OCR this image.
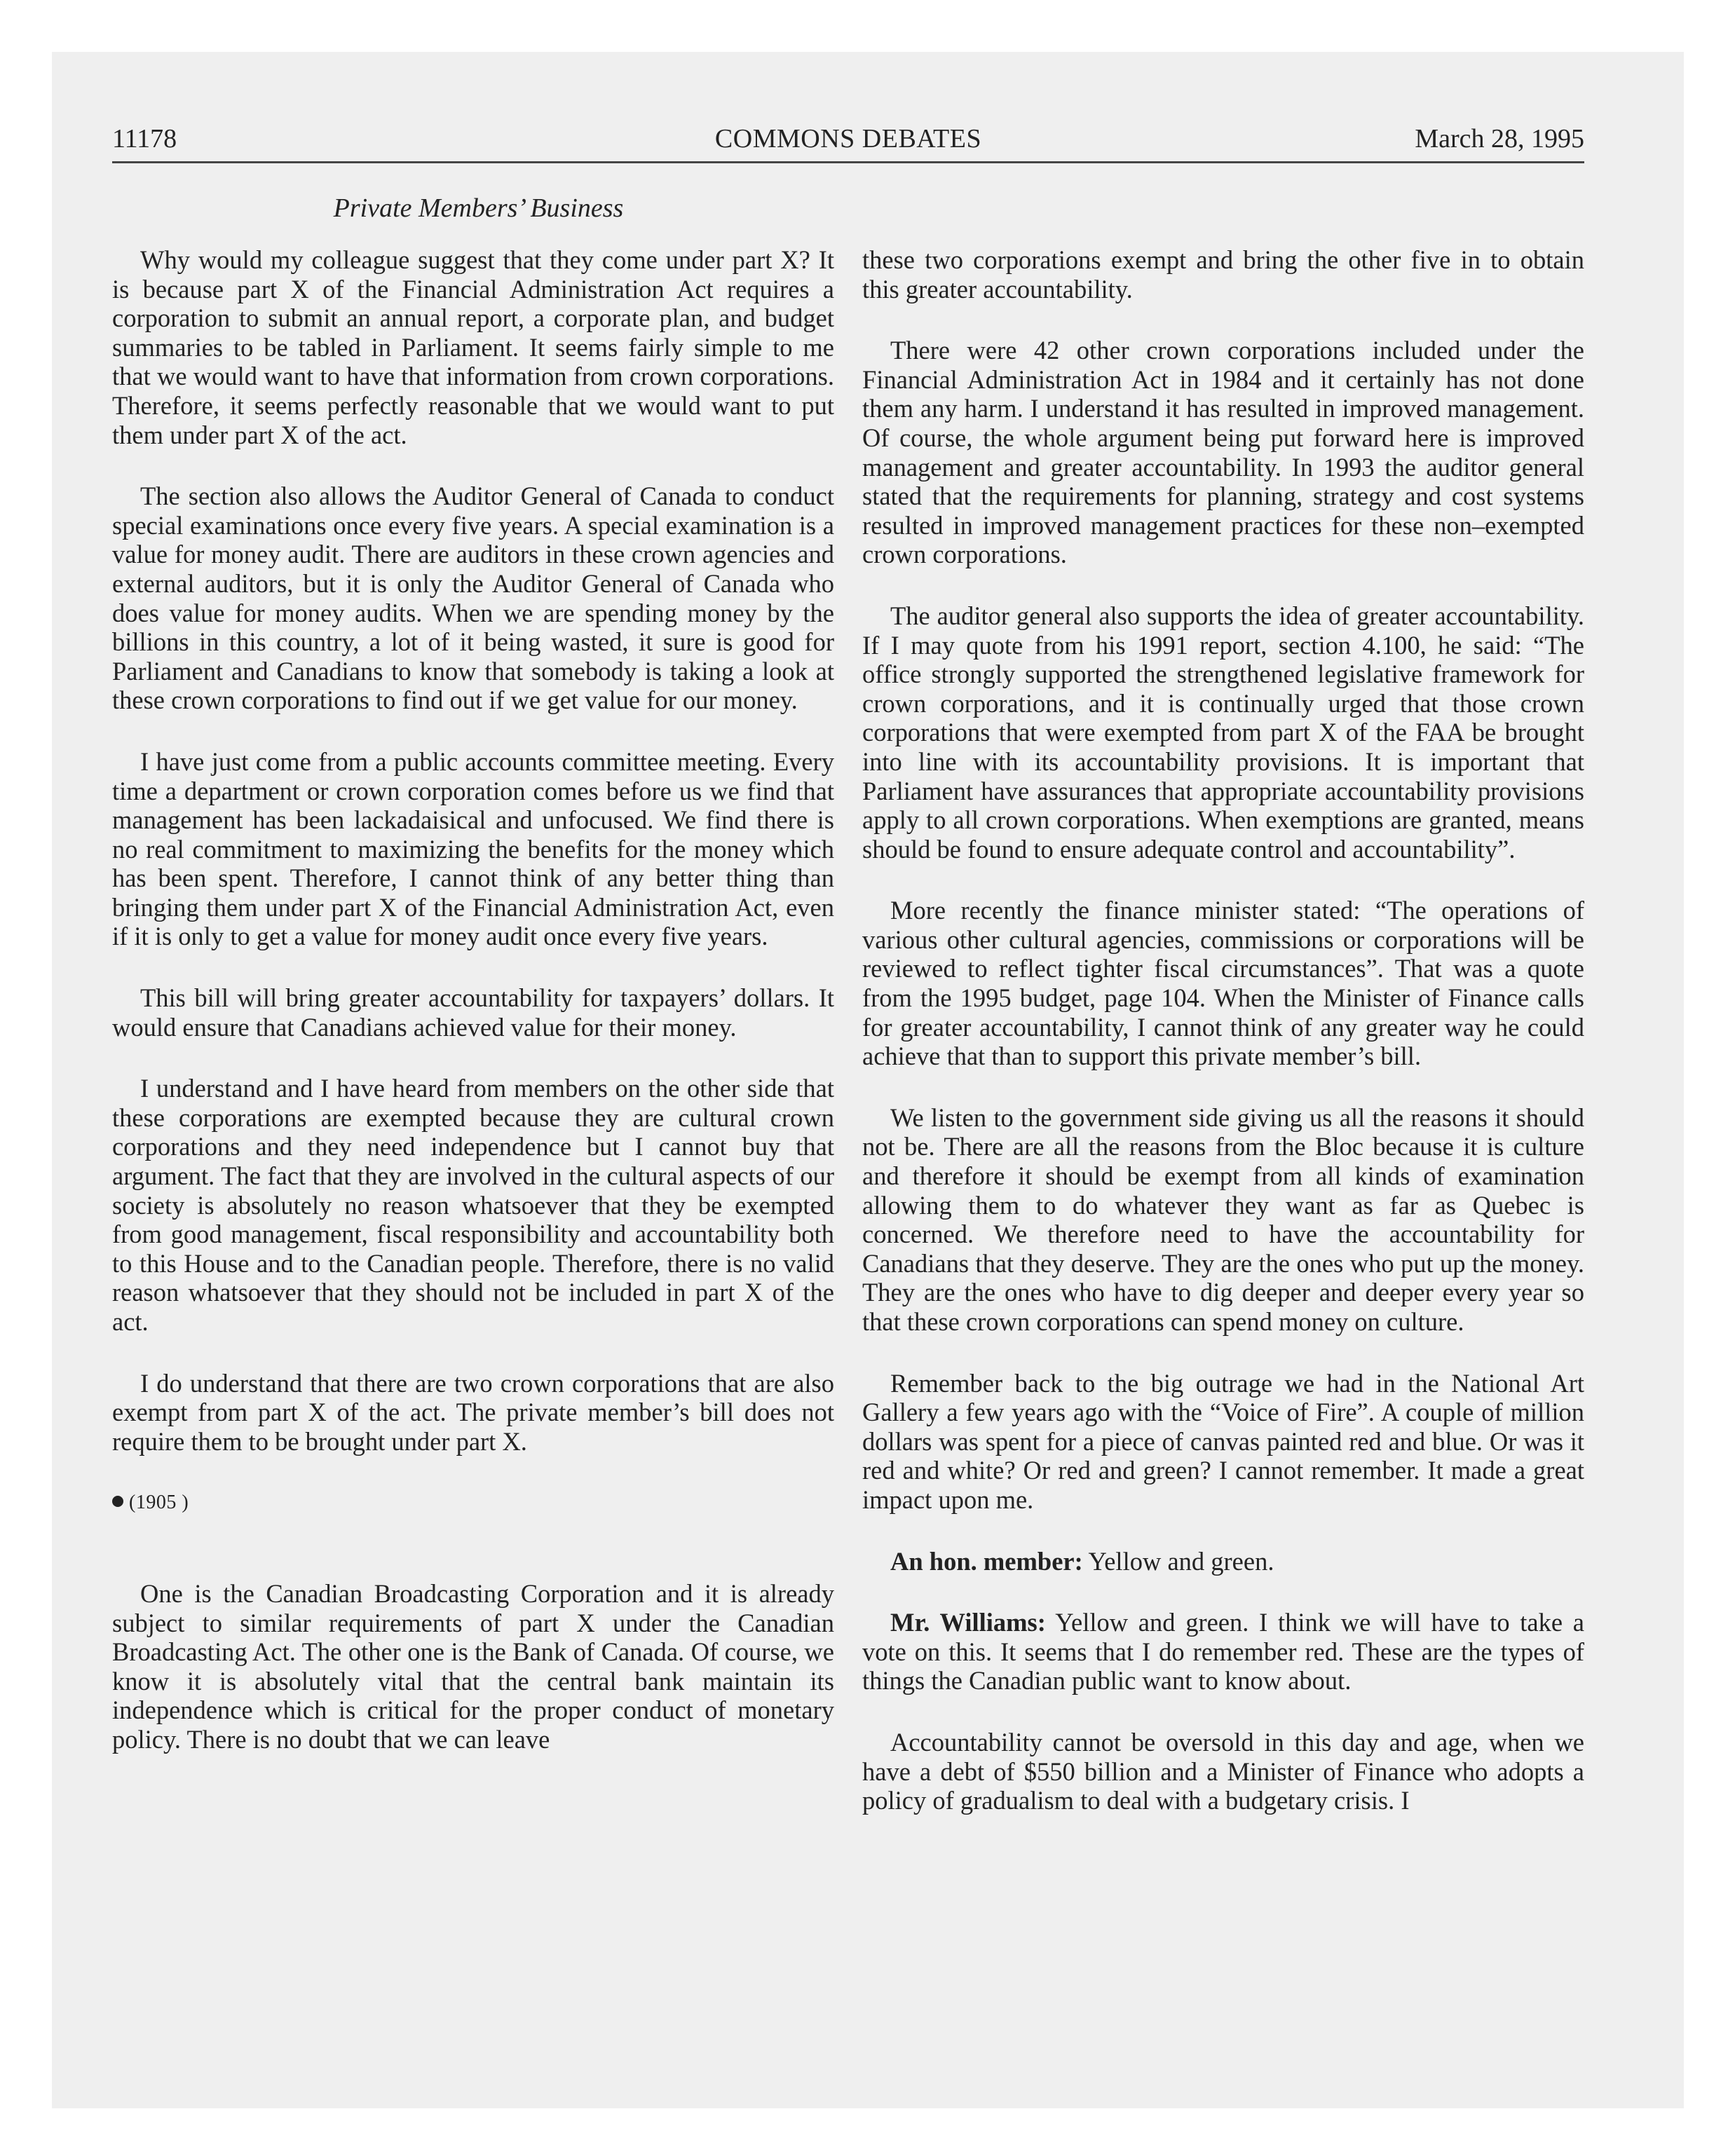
11178	COMMONS DEBATES	March 28, 1995
Private Members’ Business

Why would my colleague suggest that they come under part X? It is because part X of the Financial Administration Act requires a corporation to submit an annual report, a corporate plan, and budget summaries to be tabled in Parliament. It seems fairly simple to me that we would want to have that information from crown corporations. Therefore, it seems perfectly reasonable that we would want to put them under part X of the act.

The section also allows the Auditor General of Canada to conduct special examinations once every five years. A special examination is a value for money audit. There are auditors in these crown agencies and external auditors, but it is only the Auditor General of Canada who does value for money audits. When we are spending money by the billions in this country, a lot of it being wasted, it sure is good for Parliament and Canadians to know that somebody is taking a look at these crown corporations to find out if we get value for our money.

I have just come from a public accounts committee meeting. Every time a department or crown corporation comes before us we find that management has been lackadaisical and unfocused. We find there is no real commitment to maximizing the benefits for the money which has been spent. Therefore, I cannot think of any better thing than bringing them under part X of the Financial Administration Act, even if it is only to get a value for money audit once every five years.

This bill will bring greater accountability for taxpayers’ dollars. It would ensure that Canadians achieved value for their money.

I understand and I have heard from members on the other side that these corporations are exempted because they are cultural crown corporations and they need independence but I cannot buy that argument. The fact that they are involved in the cultural aspects of our society is absolutely no reason whatsoever that they be exempted from good management, fiscal responsibility and accountability both to this House and to the Canadian people. Therefore, there is no valid reason whatsoever that they should not be included in part X of the act.

I do understand that there are two crown corporations that are also exempt from part X of the act. The private member’s bill does not require them to be brought under part X.

(1905 )

One is the Canadian Broadcasting Corporation and it is already subject to similar requirements of part X under the Canadian Broadcasting Act. The other one is the Bank of Canada. Of course, we know it is absolutely vital that the central bank maintain its independence which is critical for the proper conduct of monetary policy. There is no doubt that we can leave

these two corporations exempt and bring the other five in to obtain this greater accountability.

There were 42 other crown corporations included under the Financial Administration Act in 1984 and it certainly has not done them any harm. I understand it has resulted in improved management. Of course, the whole argument being put forward here is improved management and greater accountability. In 1993 the auditor general stated that the requirements for planning, strategy and cost systems resulted in improved management practices for these non–exempted crown corporations.

The auditor general also supports the idea of greater accountability. If I may quote from his 1991 report, section 4.100, he said: “The office strongly supported the strengthened legislative framework for crown corporations, and it is continually urged that those crown corporations that were exempted from part X of the FAA be brought into line with its accountability provisions. It is important that Parliament have assurances that appropriate accountability provisions apply to all crown corporations. When exemptions are granted, means should be found to ensure adequate control and accountability”.

More recently the finance minister stated: “The operations of various other cultural agencies, commissions or corporations will be reviewed to reflect tighter fiscal circumstances”. That was a quote from the 1995 budget, page 104. When the Minister of Finance calls for greater accountability, I cannot think of any greater way he could achieve that than to support this private member’s bill.

We listen to the government side giving us all the reasons it should not be. There are all the reasons from the Bloc because it is culture and therefore it should be exempt from all kinds of examination allowing them to do whatever they want as far as Quebec is concerned. We therefore need to have the accountability for Canadians that they deserve. They are the ones who put up the money. They are the ones who have to dig deeper and deeper every year so that these crown corporations can spend money on culture.

Remember back to the big outrage we had in the National Art Gallery a few years ago with the “Voice of Fire”. A couple of million dollars was spent for a piece of canvas painted red and blue. Or was it red and white? Or red and green? I cannot remember. It made a great impact upon me.

An hon. member: Yellow and green.

Mr. Williams: Yellow and green. I think we will have to take a vote on this. It seems that I do remember red. These are the types of things the Canadian public want to know about.

Accountability cannot be oversold in this day and age, when we have a debt of $550 billion and a Minister of Finance who adopts a policy of gradualism to deal with a budgetary crisis. I
